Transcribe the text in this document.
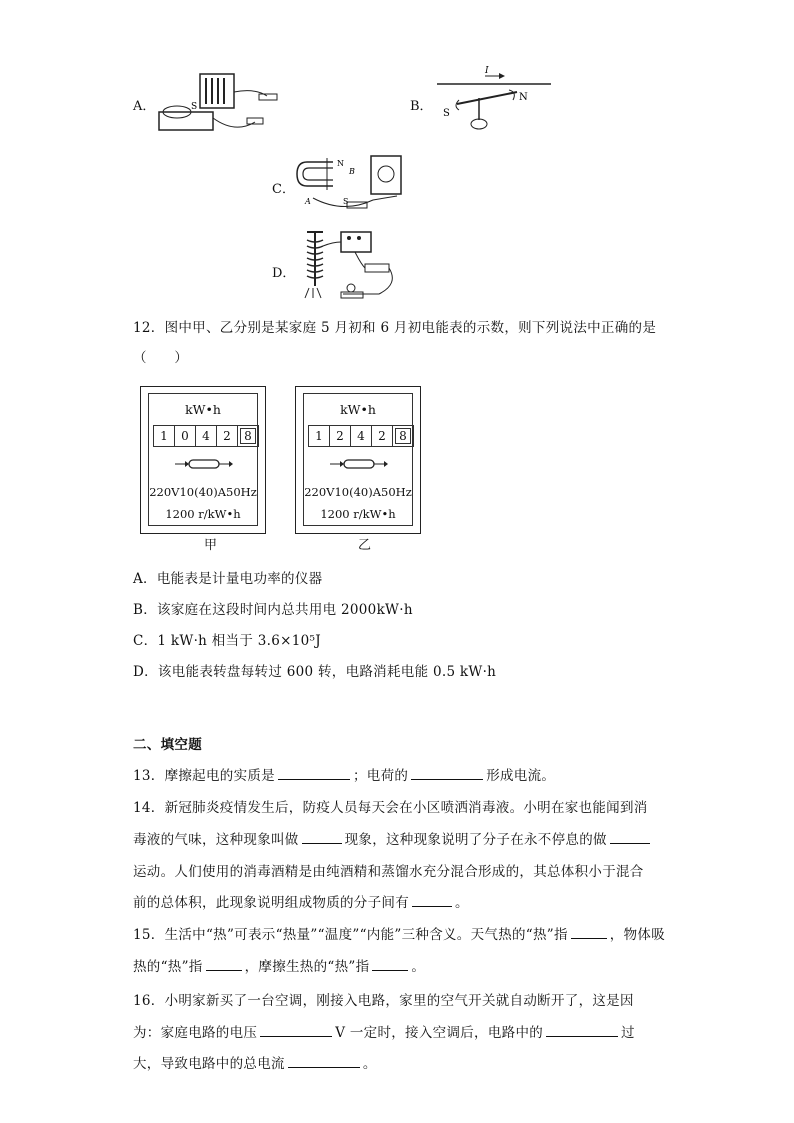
A．	S	B．
I
S
N
C．
N
S
A
B
D．
12．图中甲、乙分别是某家庭 5 月初和 6 月初电能表的示数，则下列说法中正确的是
（　　）
kW•h
1	0	4	2	8
220V10(40)A50Hz
1200 r/kW•h
甲
kW•h
1	2	4	2	8
220V10(40)A50Hz
1200 r/kW•h
乙
A．电能表是计量电功率的仪器
B．该家庭在这段时间内总共用电 2000kW·h
C．1 kW·h 相当于 3.6×10⁵J
D．该电能表转盘每转过 600 转，电路消耗电能 0.5 kW·h
二、填空题
13．摩擦起电的实质是	；电荷的	形成电流。
14．新冠肺炎疫情发生后，防疫人员每天会在小区喷洒消毒液。小明在家也能闻到消
毒液的气味，这种现象叫做	现象，这种现象说明了分子在永不停息的做
运动。人们使用的消毒酒精是由纯酒精和蒸馏水充分混合形成的，其总体积小于混合
前的总体积，此现象说明组成物质的分子间有	。
15．生活中“热”可表示“热量”“温度”“内能”三种含义。天气热的“热”指	，物体吸
热的“热”指	，摩擦生热的“热”指	。
16．小明家新买了一台空调，刚接入电路，家里的空气开关就自动断开了，这是因
为：家庭电路的电压	V 一定时，接入空调后，电路中的	过
大，导致电路中的总电流	。
